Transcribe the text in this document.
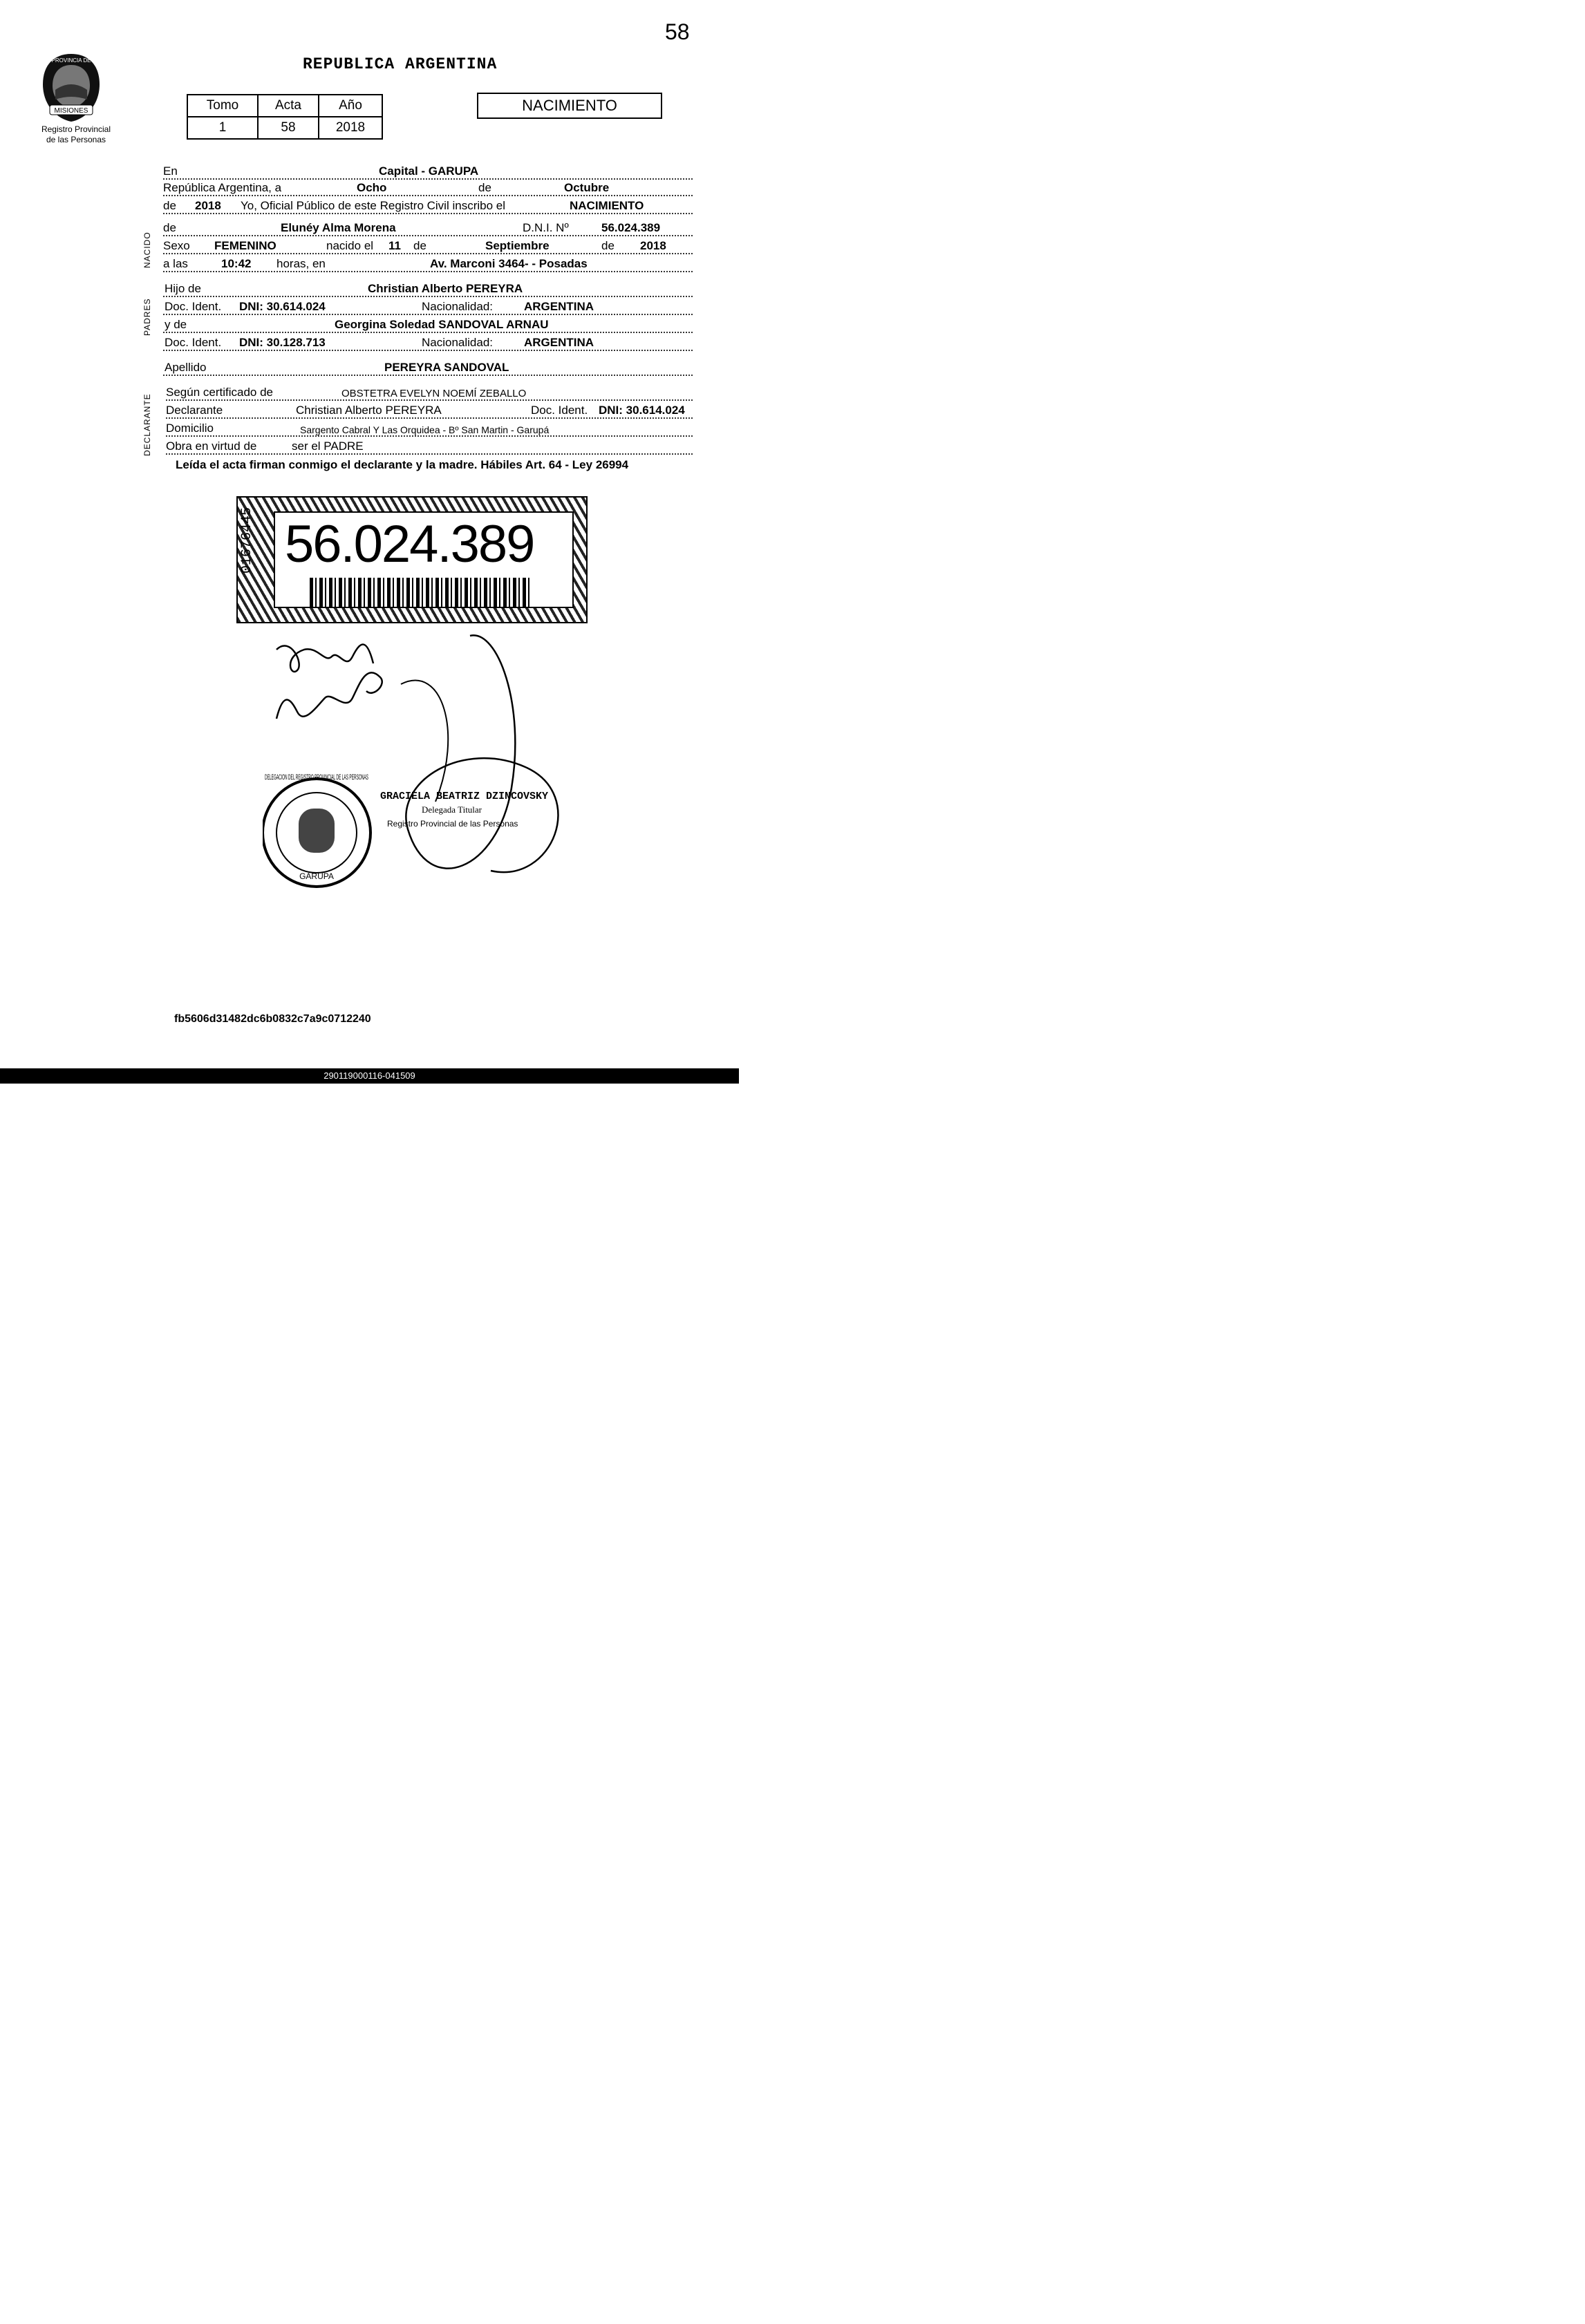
58
REPUBLICA ARGENTINA
MISIONES
PROVINCIA DE
Registro Provincial
de las Personas
Tomo	Acta	Año
1	58	2018
NACIMIENTO
NACIDO
PADRES
DECLARANTE
En	Capital - GARUPA
República Argentina, a	Ocho	de	Octubre
de 2018 Yo, Oficial Público de este Registro Civil inscribo el	NACIMIENTO
de	Elunéy Alma Morena	D.N.I. Nº	56.024.389
Sexo FEMENINO	nacido el 11 de	Septiembre	de 2018
a las	10:42 horas, en	Av. Marconi 3464- - Posadas
Hijo de	Christian Alberto PEREYRA
Doc. Ident. DNI: 30.614.024	Nacionalidad:	ARGENTINA
y de	Georgina Soledad SANDOVAL ARNAU
Doc. Ident. DNI: 30.128.713	Nacionalidad:	ARGENTINA
Apellido	PEREYRA SANDOVAL
Según certificado de	OBSTETRA EVELYN NOEMÍ ZEBALLO
Declarante	Christian Alberto PEREYRA	Doc. Ident. DNI: 30.614.024
Domicilio	Sargento Cabral Y Las Orquidea - Bº San Martin - Garupá
Obra en virtud de	ser el PADRE
Leída el acta firman conmigo el declarante y la madre. Hábiles Art. 64 - Ley 26994
56.024.389
01676445
DELEGACION DEL REGISTRO PROVINCIAL DE LAS PERSONAS
GARUPA
GRACIELA BEATRIZ DZINCOVSKY
Delegada Titular
Registro Provincial de las Personas
fb5606d31482dc6b0832c7a9c0712240
290119000116-041509
